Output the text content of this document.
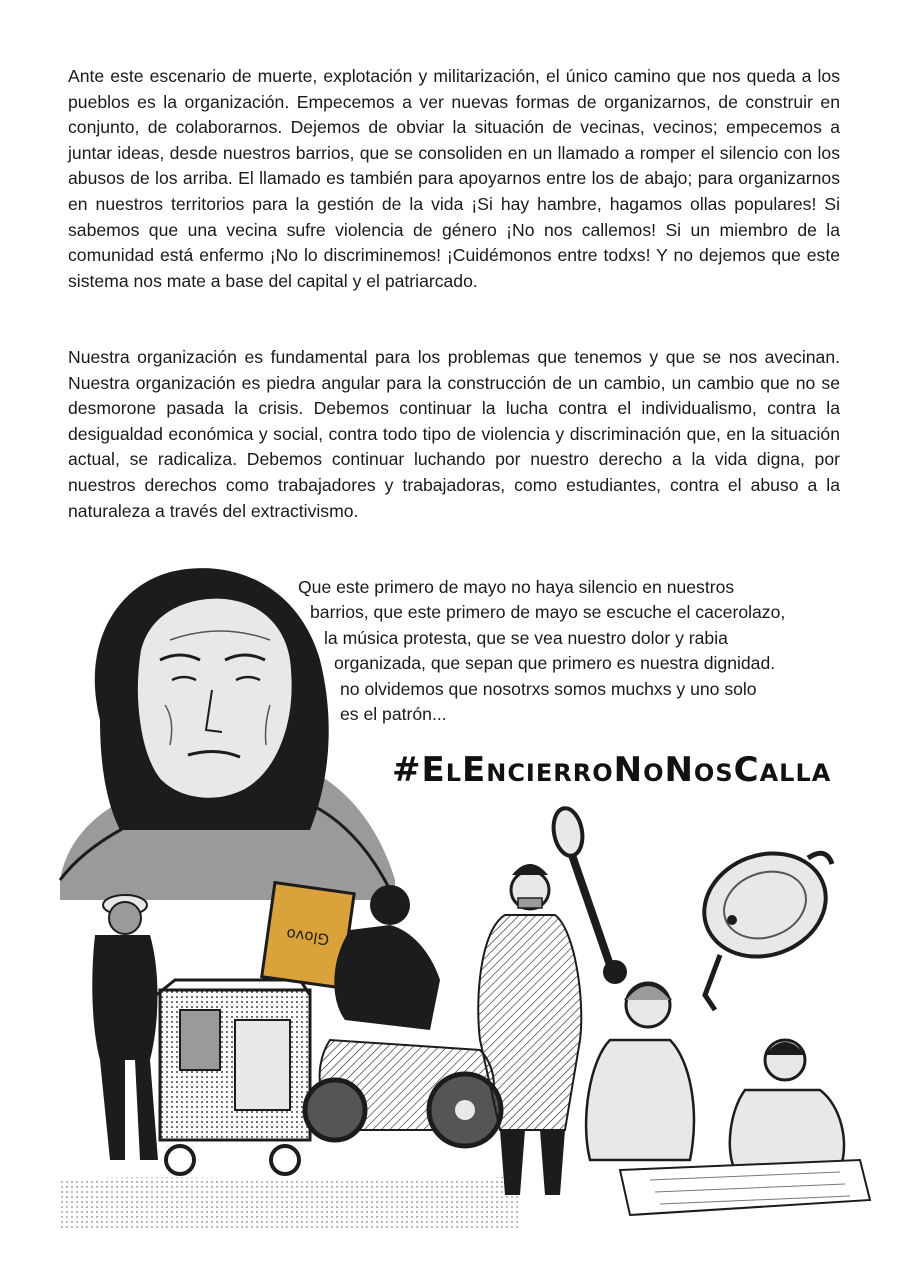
Ante este escenario de muerte, explotación y militarización, el único camino que nos queda a los pueblos es la organización. Empecemos a ver nuevas formas de organizarnos, de construir en conjunto, de colaborarnos. Dejemos de obviar la situación de vecinas, vecinos; empecemos a juntar ideas, desde nuestros barrios, que se consoliden en un llamado a romper el silencio con los abusos de los arriba. El llamado es también para apoyarnos entre los de abajo; para organizarnos en nuestros territorios para la gestión de la vida ¡Si hay hambre, hagamos ollas populares! Si sabemos que una vecina sufre violencia de género ¡No nos callemos! Si un miembro de la comunidad está enfermo ¡No lo discriminemos! ¡Cuidémonos entre todxs! Y no dejemos que este sistema nos mate a base del capital y el patriarcado.

Nuestra organización es fundamental para los problemas que tenemos y que se nos avecinan. Nuestra organización es piedra angular para la construcción de un cambio, un cambio que no se desmorone pasada la crisis. Debemos continuar la lucha contra el individualismo, contra la desigualdad económica y social, contra todo tipo de violencia y discriminación que, en la situación actual, se radicaliza. Debemos continuar luchando por nuestro derecho a la vida digna, por nuestros derechos como trabajadores y trabajadoras, como estudiantes, contra el abuso a la naturaleza a través del extractivismo.

Que este primero de mayo no haya silencio en nuestros
barrios, que este primero de mayo se escuche el cacerolazo,
la música protesta, que se vea nuestro dolor y rabia
organizada, que sepan que primero es nuestra dignidad.
no olvidemos que nosotrxs somos muchxs y uno solo
es el patrón...
#ElEncierroNoNosCalla
Glovo
